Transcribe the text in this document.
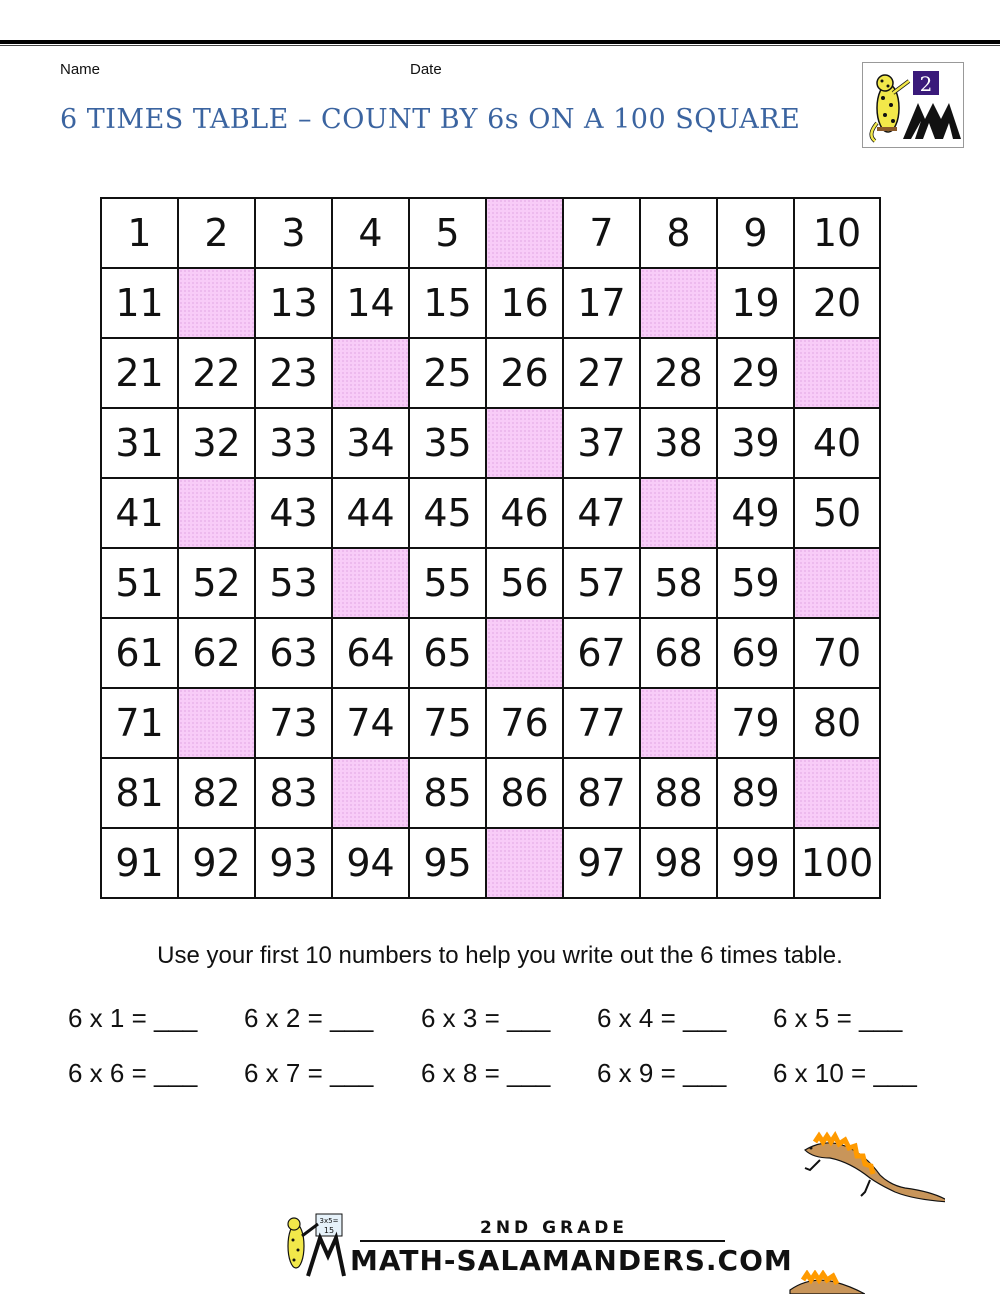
Name	Date
6 TIMES TABLE – COUNT BY 6s ON A 100 SQUARE
2
1	2	3	4	5		7	8	9	10
11		13	14	15	16	17		19	20
21	22	23		25	26	27	28	29	
31	32	33	34	35		37	38	39	40
41		43	44	45	46	47		49	50
51	52	53		55	56	57	58	59	
61	62	63	64	65		67	68	69	70
71		73	74	75	76	77		79	80
81	82	83		85	86	87	88	89	
91	92	93	94	95		97	98	99	100
Use your first 10 numbers to help you write out the 6 times table.
6 x 1 = ___ 6 x 2 = ___ 6 x 3 = ___ 6 x 4 = ___ 6 x 5 = ___
6 x 6 = ___ 6 x 7 = ___ 6 x 8 = ___ 6 x 9 = ___ 6 x 10 = ___
3x5=
15	2ND GRADE
MATH-SALAMANDERS.COM
